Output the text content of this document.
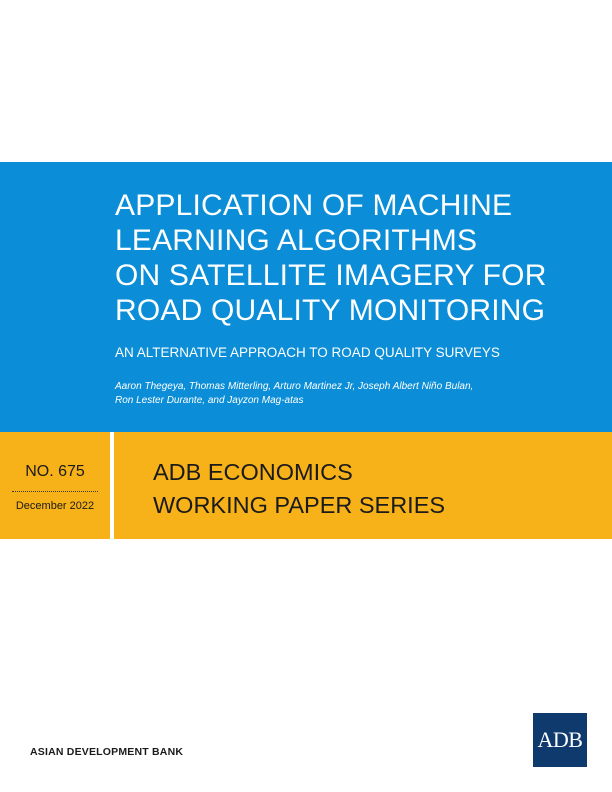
APPLICATION OF MACHINE
LEARNING ALGORITHMS
ON SATELLITE IMAGERY FOR
ROAD QUALITY MONITORING
AN ALTERNATIVE APPROACH TO ROAD QUALITY SURVEYS
Aaron Thegeya, Thomas Mitterling, Arturo Martinez Jr, Joseph Albert Niño Bulan,
Ron Lester Durante, and Jayzon Mag-atas
NO. 675
December 2022
ADB ECONOMICS
WORKING PAPER SERIES
ASIAN DEVELOPMENT BANK	ADB
